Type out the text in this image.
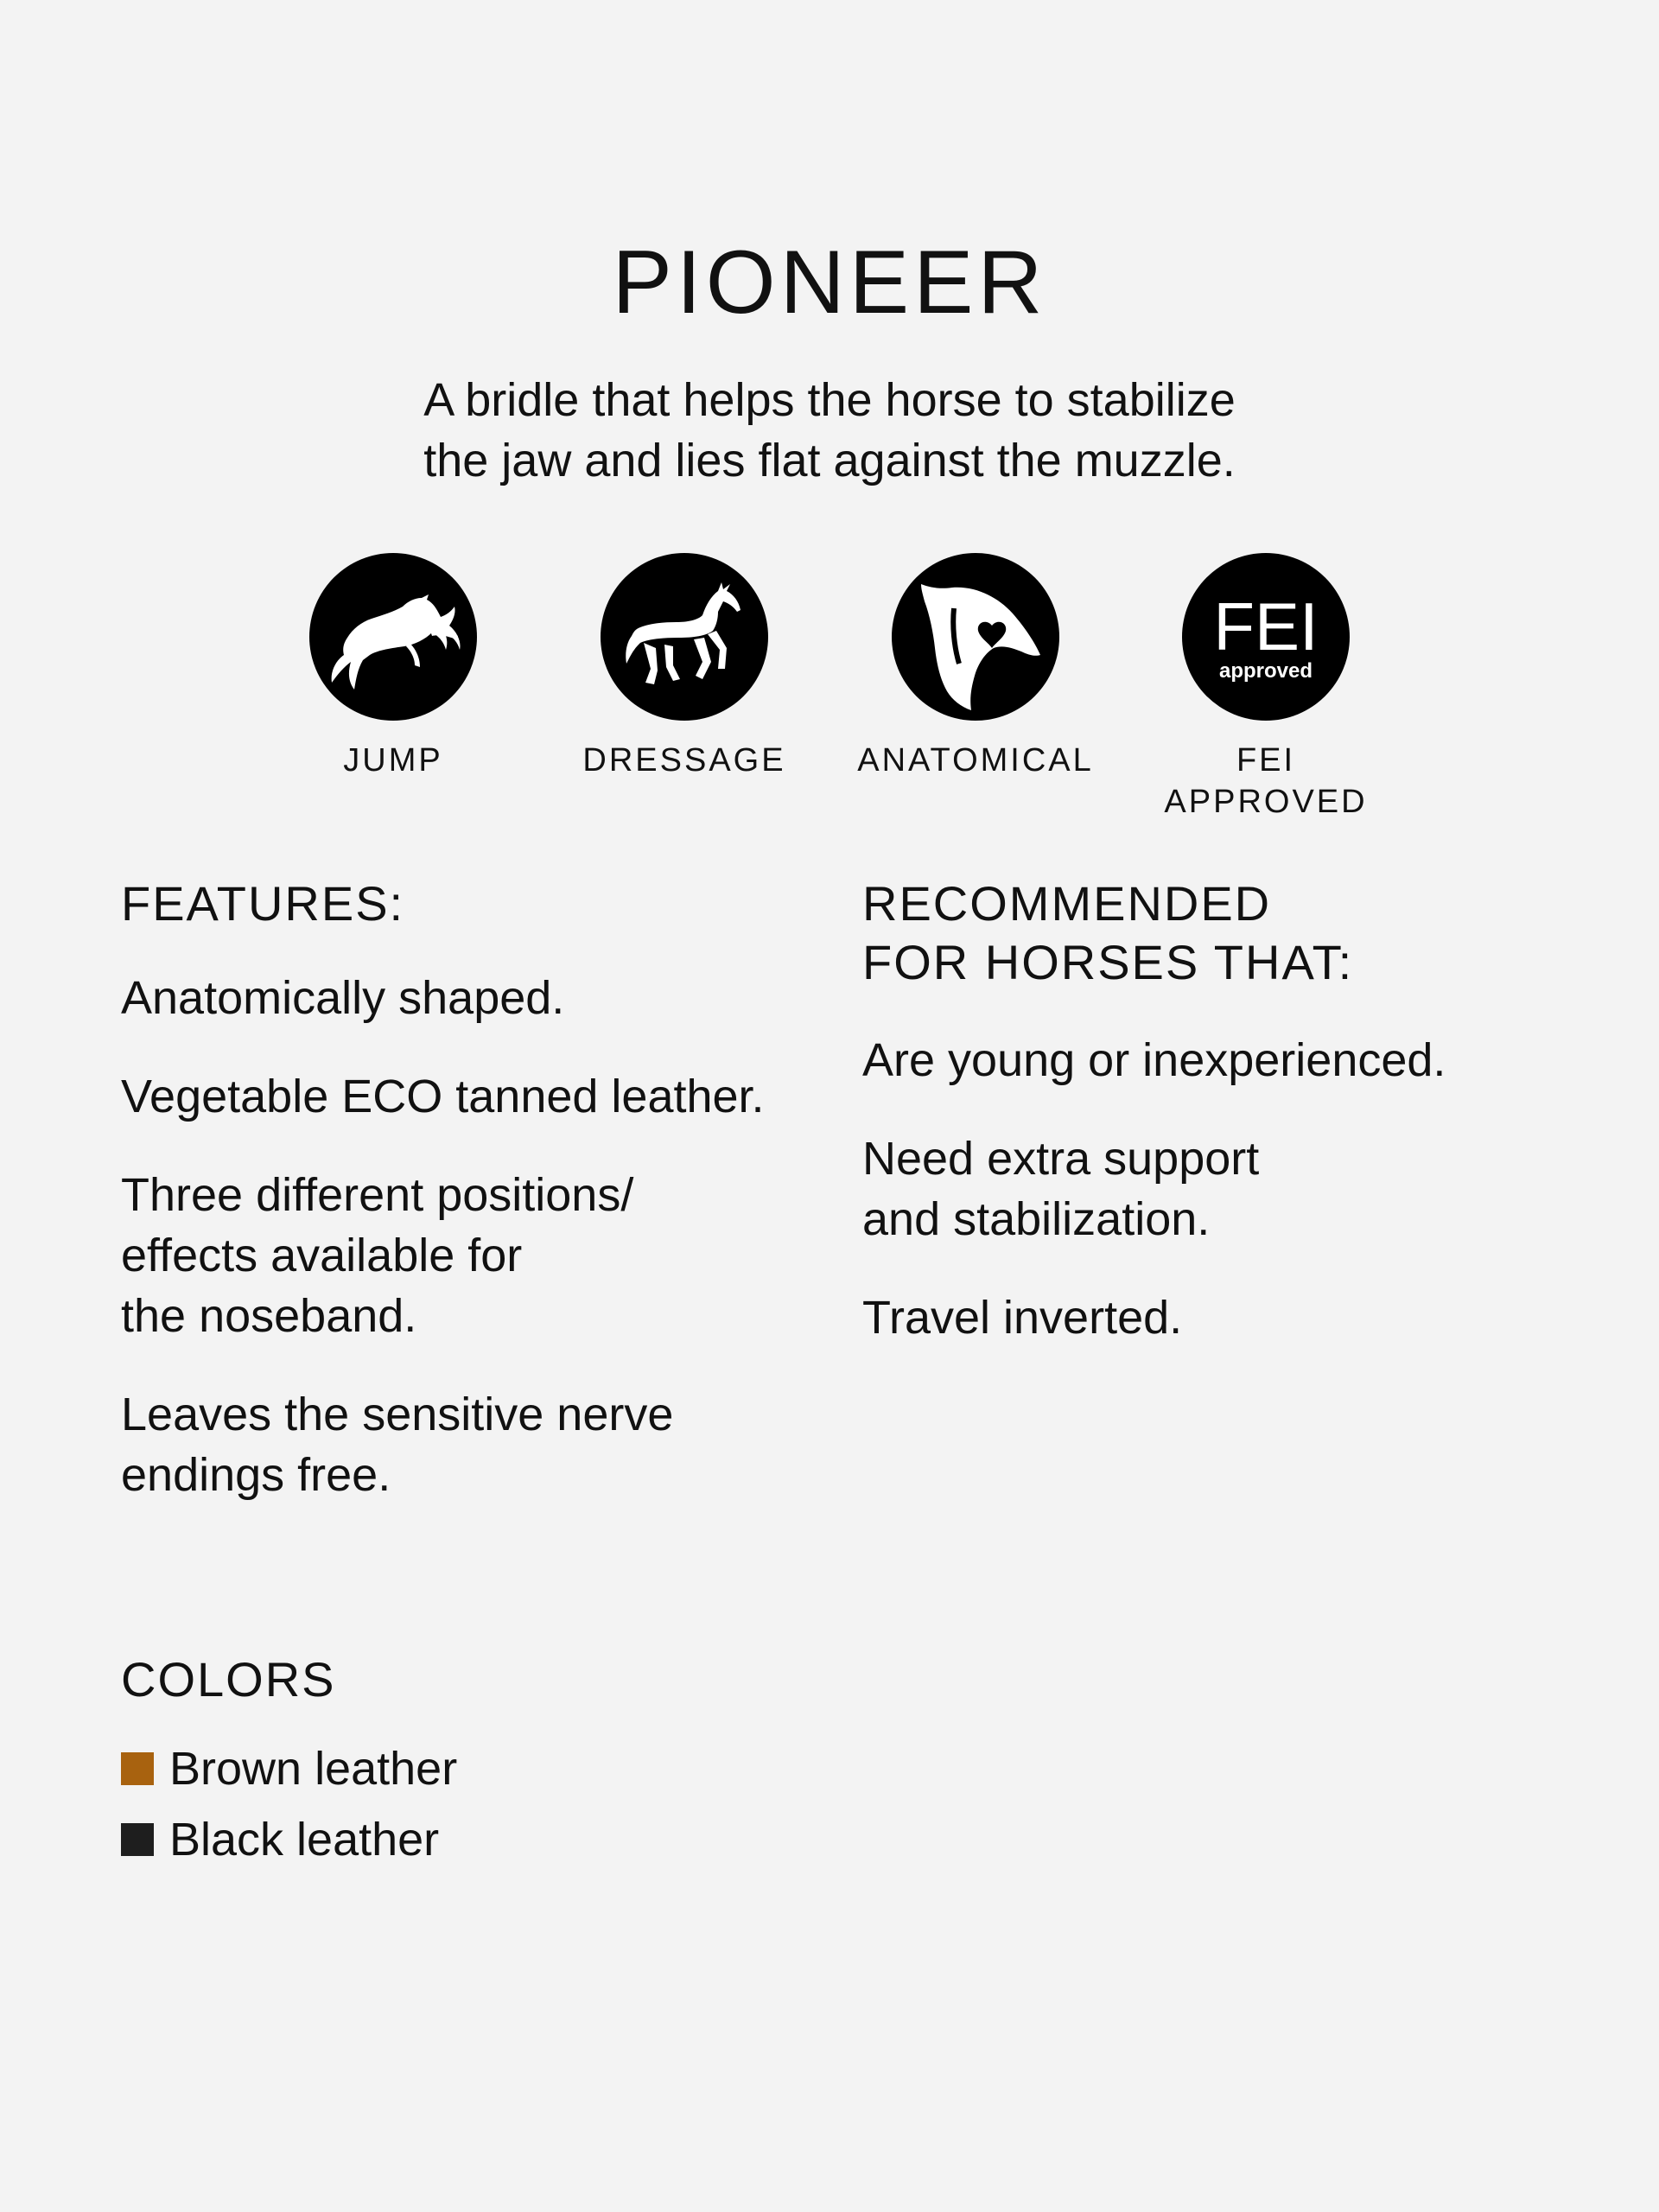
PIONEER

A bridle that helps the horse to stabilize
the jaw and lies flat against the muzzle.

JUMP	DRESSAGE	ANATOMICAL
FEI
approved
FEI
APPROVED
FEATURES:
Anatomically shaped.
Vegetable ECO tanned leather.
Three different positions/
effects available for
the noseband.
Leaves the sensitive nerve
endings free.
RECOMMENDED
FOR HORSES THAT:
Are young or inexperienced.
Need extra support
and stabilization.
Travel inverted.
COLORS
Brown leather
Black leather
